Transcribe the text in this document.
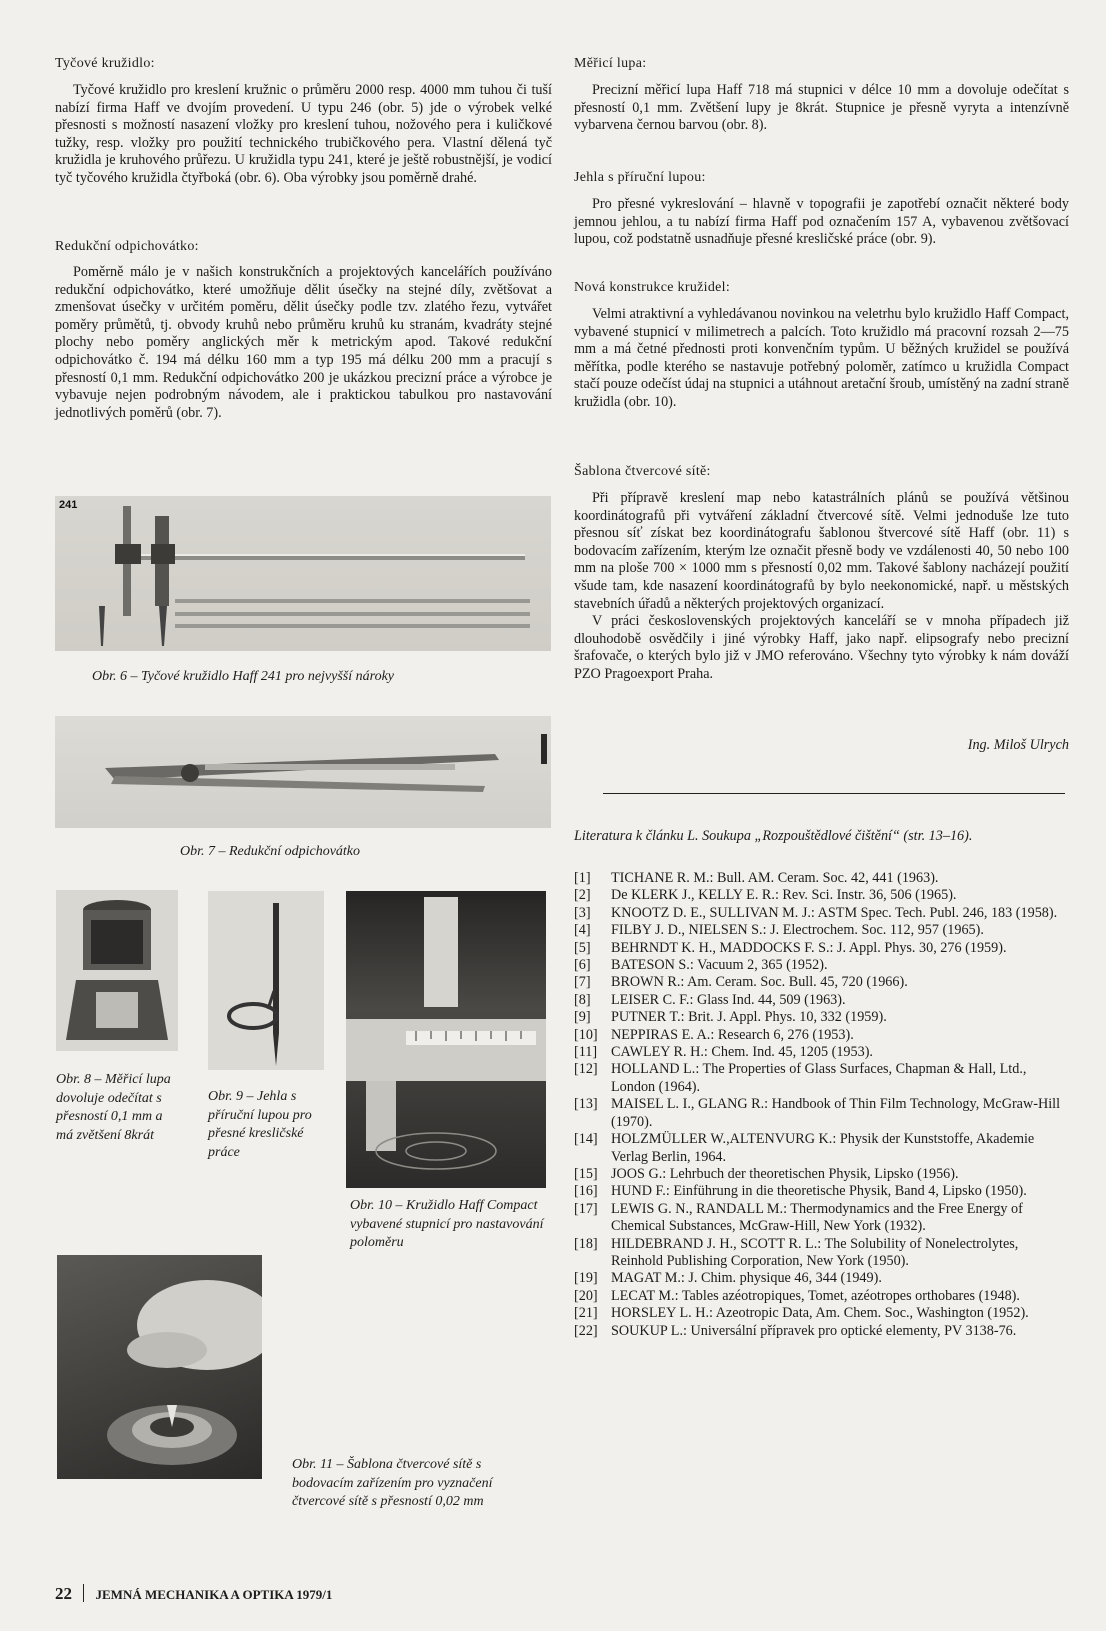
Tyčové kružidlo:

Tyčové kružidlo pro kreslení kružnic o průměru 2000 resp. 4000 mm tuhou či tuší nabízí firma Haff ve dvojím provedení. U typu 246 (obr. 5) jde o výrobek velké přesnosti s možností nasazení vložky pro kreslení tuhou, nožového pera i kuličkové tužky, resp. vložky pro použití technického trubičkového pera. Vlastní dělená tyč kružidla je kruhového průřezu. U kružidla typu 241, které je ještě robustnější, je vodicí tyč tyčového kružidla čtyřboká (obr. 6). Oba výrobky jsou poměrně drahé.

Redukční odpichovátko:

Poměrně málo je v našich konstrukčních a projektových kancelářích používáno redukční odpichovátko, které umožňuje dělit úsečky na stejné díly, zvětšovat a zmenšovat úsečky v určitém poměru, dělit úsečky podle tzv. zlatého řezu, vytvářet poměry průmětů, tj. obvody kruhů nebo průměru kruhů ku stranám, kvadráty stejné plochy nebo poměry anglických měr k metrickým apod. Takové redukční odpichovátko č. 194 má délku 160 mm a typ 195 má délku 200 mm a pracují s přesností 0,1 mm. Redukční odpichovátko 200 je ukázkou precizní práce a výrobce je vybavuje nejen podrobným návodem, ale i praktickou tabulkou pro nastavování jednotlivých poměrů (obr. 7).

241
Obr. 6 – Tyčové kružidlo Haff 241 pro nejvyšší nároky
Obr. 7 – Redukční odpichovátko
Obr. 8 – Měřicí lupa dovoluje odečítat s přesností 0,1 mm a má zvětšení 8krát
Obr. 9 – Jehla s příruční lupou pro přesné kresličské práce
Obr. 10 – Kružidlo Haff Compact vybavené stupnicí pro nastavování poloměru
Obr. 11 – Šablona čtvercové sítě s bodovacím zařízením pro vyznačení čtvercové sítě s přesností 0,02 mm
Měřicí lupa:

Precizní měřicí lupa Haff 718 má stupnici v délce 10 mm a dovoluje odečítat s přesností 0,1 mm. Zvětšení lupy je 8krát. Stupnice je přesně vyryta a intenzívně vybarvena černou barvou (obr. 8).

Jehla s příruční lupou:

Pro přesné vykreslování – hlavně v topografii je zapotřebí označit některé body jemnou jehlou, a tu nabízí firma Haff pod označením 157 A, vybavenou zvětšovací lupou, což podstatně usnadňuje přesné kresličské práce (obr. 9).

Nová konstrukce kružidel:

Velmi atraktivní a vyhledávanou novinkou na veletrhu bylo kružidlo Haff Compact, vybavené stupnicí v milimetrech a palcích. Toto kružidlo má pracovní rozsah 2—75 mm a má četné přednosti proti konvenčním typům. U běžných kružidel se používá měřítka, podle kterého se nastavuje potřebný poloměr, zatímco u kružidla Compact stačí pouze odečíst údaj na stupnici a utáhnout aretační šroub, umístěný na zadní straně kružidla (obr. 10).

Šablona čtvercové sítě:

Při přípravě kreslení map nebo katastrálních plánů se používá většinou koordinátografů při vytváření základní čtvercové sítě. Velmi jednoduše lze tuto přesnou síť získat bez koordinátografu šablonou štvercové sítě Haff (obr. 11) s bodovacím zařízením, kterým lze označit přesně body ve vzdálenosti 40, 50 nebo 100 mm na ploše 700 × 1000 mm s přesností 0,02 mm. Takové šablony nacházejí použití všude tam, kde nasazení koordinátografů by bylo neekonomické, např. u městských stavebních úřadů a některých projektových organizací.

V práci československých projektových kanceláří se v mnoha případech již dlouhodobě osvědčily i jiné výrobky Haff, jako např. elipsografy nebo precizní šrafovače, o kterých bylo již v JMO referováno. Všechny tyto výrobky k nám dováží PZO Pragoexport Praha.

Ing. Miloš Ulrych
Literatura k článku L. Soukupa „Rozpouštědlové čištění“ (str. 13–16).
[1]	TICHANE R. M.: Bull. AM. Ceram. Soc. 42, 441 (1963).
[2]	De KLERK J., KELLY E. R.: Rev. Sci. Instr. 36, 506 (1965).
[3]	KNOOTZ D. E., SULLIVAN M. J.: ASTM Spec. Tech. Publ. 246, 183 (1958).
[4]	FILBY J. D., NIELSEN S.: J. Electrochem. Soc. 112, 957 (1965).
[5]	BEHRNDT K. H., MADDOCKS F. S.: J. Appl. Phys. 30, 276 (1959).
[6]	BATESON S.: Vacuum 2, 365 (1952).
[7]	BROWN R.: Am. Ceram. Soc. Bull. 45, 720 (1966).
[8]	LEISER C. F.: Glass Ind. 44, 509 (1963).
[9]	PUTNER T.: Brit. J. Appl. Phys. 10, 332 (1959).
[10] NEPPIRAS E. A.: Research 6, 276 (1953).
[11] CAWLEY R. H.: Chem. Ind. 45, 1205 (1953).
[12] HOLLAND L.: The Properties of Glass Surfaces, Chapman & Hall, Ltd., London (1964).
[13] MAISEL L. I., GLANG R.: Handbook of Thin Film Technology, McGraw-Hill (1970).
[14] HOLZMÜLLER W.,ALTENVURG K.: Physik der Kunststoffe, Akademie Verlag Berlin, 1964.
[15] JOOS G.: Lehrbuch der theoretischen Physik, Lipsko (1956).
[16] HUND F.: Einführung in die theoretische Physik, Band 4, Lipsko (1950).
[17] LEWIS G. N., RANDALL M.: Thermodynamics and the Free Energy of Chemical Substances, McGraw-Hill, New York (1932).
[18] HILDEBRAND J. H., SCOTT R. L.: The Solubility of Nonelectrolytes, Reinhold Publishing Corporation, New York (1950).
[19] MAGAT M.: J. Chim. physique 46, 344 (1949).
[20] LECAT M.: Tables azéotropiques, Tomet, azéotropes orthobares (1948).
[21] HORSLEY L. H.: Azeotropic Data, Am. Chem. Soc., Washington (1952).
[22] SOUKUP L.: Universální přípravek pro optické elementy, PV 3138-76.
22 JEMNÁ MECHANIKA A OPTIKA 1979/1
